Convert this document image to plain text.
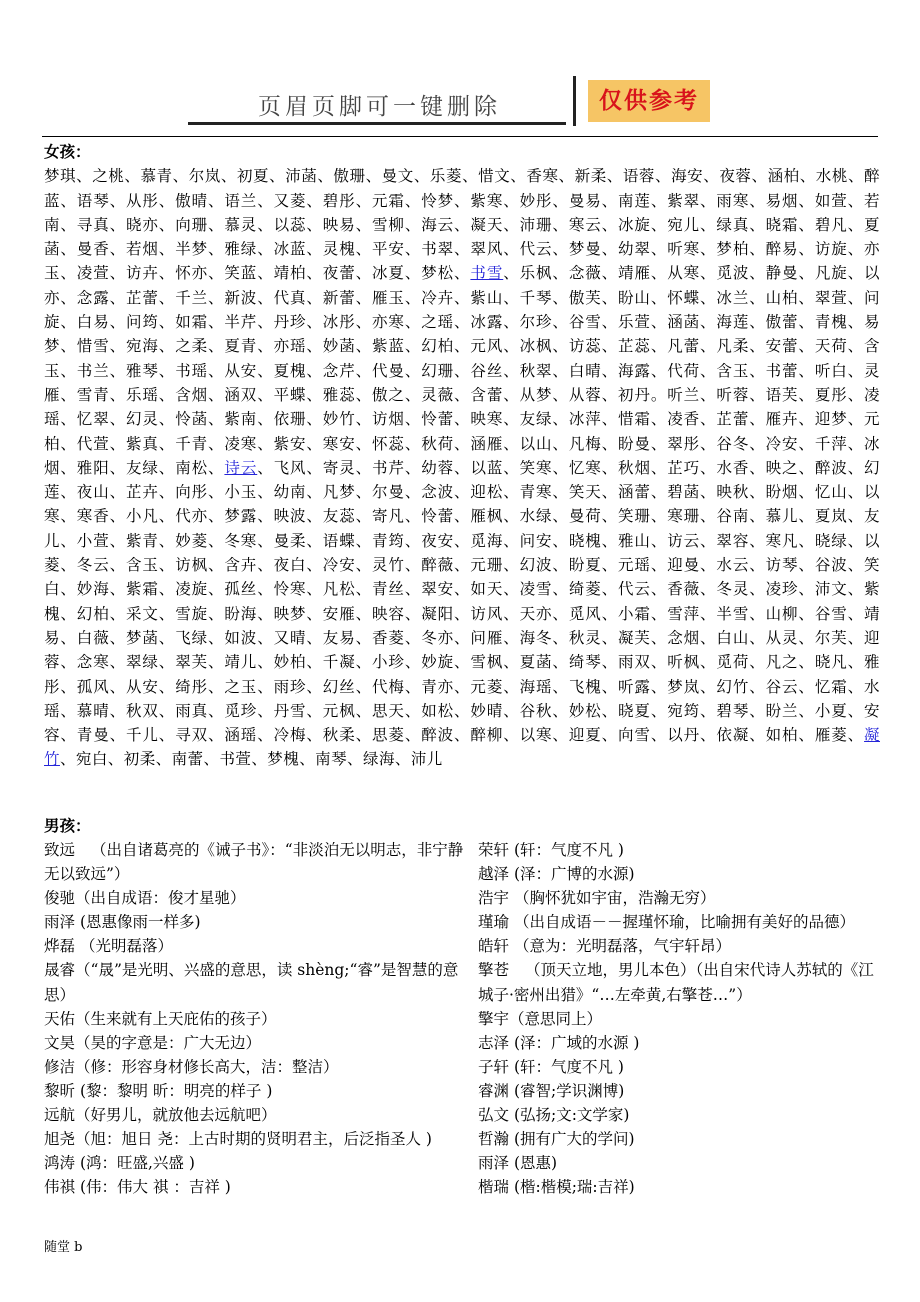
页眉页脚可一键删除	仅供参考
女孩：
梦琪、之桃、慕青、尔岚、初夏、沛菡、傲珊、曼文、乐菱、惜文、香寒、新柔、语蓉、海安、夜蓉、涵柏、水桃、醉蓝、语琴、从彤、傲晴、语兰、又菱、碧彤、元霜、怜梦、紫寒、妙彤、曼易、南莲、紫翠、雨寒、易烟、如萱、若南、寻真、晓亦、向珊、慕灵、以蕊、映易、雪柳、海云、凝天、沛珊、寒云、冰旋、宛儿、绿真、晓霜、碧凡、夏菡、曼香、若烟、半梦、雅绿、冰蓝、灵槐、平安、书翠、翠风、代云、梦曼、幼翠、听寒、梦柏、醉易、访旋、亦玉、凌萱、访卉、怀亦、笑蓝、靖柏、夜蕾、冰夏、梦松、书雪、乐枫、念薇、靖雁、从寒、觅波、静曼、凡旋、以亦、念露、芷蕾、千兰、新波、代真、新蕾、雁玉、冷卉、紫山、千琴、傲芙、盼山、怀蝶、冰兰、山柏、翠萱、问旋、白易、问筠、如霜、半芹、丹珍、冰彤、亦寒、之瑶、冰露、尔珍、谷雪、乐萱、涵菡、海莲、傲蕾、青槐、易梦、惜雪、宛海、之柔、夏青、亦瑶、妙菡、紫蓝、幻柏、元风、冰枫、访蕊、芷蕊、凡蕾、凡柔、安蕾、天荷、含玉、书兰、雅琴、书瑶、从安、夏槐、念芹、代曼、幻珊、谷丝、秋翠、白晴、海露、代荷、含玉、书蕾、听白、灵雁、雪青、乐瑶、含烟、涵双、平蝶、雅蕊、傲之、灵薇、含蕾、从梦、从蓉、初丹。听兰、听蓉、语芙、夏彤、凌瑶、忆翠、幻灵、怜菡、紫南、依珊、妙竹、访烟、怜蕾、映寒、友绿、冰萍、惜霜、凌香、芷蕾、雁卉、迎梦、元柏、代萱、紫真、千青、凌寒、紫安、寒安、怀蕊、秋荷、涵雁、以山、凡梅、盼曼、翠彤、谷冬、冷安、千萍、冰烟、雅阳、友绿、南松、诗云、飞风、寄灵、书芹、幼蓉、以蓝、笑寒、忆寒、秋烟、芷巧、水香、映之、醉波、幻莲、夜山、芷卉、向彤、小玉、幼南、凡梦、尔曼、念波、迎松、青寒、笑天、涵蕾、碧菡、映秋、盼烟、忆山、以寒、寒香、小凡、代亦、梦露、映波、友蕊、寄凡、怜蕾、雁枫、水绿、曼荷、笑珊、寒珊、谷南、慕儿、夏岚、友儿、小萱、紫青、妙菱、冬寒、曼柔、语蝶、青筠、夜安、觅海、问安、晓槐、雅山、访云、翠容、寒凡、晓绿、以菱、冬云、含玉、访枫、含卉、夜白、冷安、灵竹、醉薇、元珊、幻波、盼夏、元瑶、迎曼、水云、访琴、谷波、笑白、妙海、紫霜、凌旋、孤丝、怜寒、凡松、青丝、翠安、如天、凌雪、绮菱、代云、香薇、冬灵、凌珍、沛文、紫槐、幻柏、采文、雪旋、盼海、映梦、安雁、映容、凝阳、访风、天亦、觅风、小霜、雪萍、半雪、山柳、谷雪、靖易、白薇、梦菡、飞绿、如波、又晴、友易、香菱、冬亦、问雁、海冬、秋灵、凝芙、念烟、白山、从灵、尔芙、迎蓉、念寒、翠绿、翠芙、靖儿、妙柏、千凝、小珍、妙旋、雪枫、夏菡、绮琴、雨双、听枫、觅荷、凡之、晓凡、雅彤、孤风、从安、绮彤、之玉、雨珍、幻丝、代梅、青亦、元菱、海瑶、飞槐、听露、梦岚、幻竹、谷云、忆霜、水瑶、慕晴、秋双、雨真、觅珍、丹雪、元枫、思天、如松、妙晴、谷秋、妙松、晓夏、宛筠、碧琴、盼兰、小夏、安容、青曼、千儿、寻双、涵瑶、冷梅、秋柔、思菱、醉波、醉柳、以寒、迎夏、向雪、以丹、依凝、如柏、雁菱、凝竹、宛白、初柔、南蕾、书萱、梦槐、南琴、绿海、沛儿
男孩：
致远 （出自诸葛亮的《诫子书》：“非淡泊无以明志，非宁静无以致远”）
俊驰（出自成语：俊才星驰）
雨泽 (恩惠像雨一样多)
烨磊 （光明磊落）
晟睿（“晟”是光明、兴盛的意思，读 shèng;“睿”是智慧的意思）
天佑（生来就有上天庇佑的孩子）
文昊（昊的字意是：广大无边）
修洁（修：形容身材修长高大，洁：整洁）
黎昕 (黎：黎明 昕：明亮的样子 )
远航（好男儿，就放他去远航吧）
旭尧（旭：旭日 尧：上古时期的贤明君主，后泛指圣人 )
鸿涛 (鸿：旺盛,兴盛 )
伟祺 (伟：伟大 祺 ：吉祥 )
荣轩 (轩：气度不凡 )
越泽 (泽：广博的水源)
浩宇 （胸怀犹如宇宙，浩瀚无穷）
瑾瑜 （出自成语－－握瑾怀瑜，比喻拥有美好的品德）
皓轩 （意为：光明磊落，气宇轩昂）
擎苍 （顶天立地，男儿本色）（出自宋代诗人苏轼的《江城子·密州出猎》“…左牵黄,右擎苍…”）
擎宇（意思同上）
志泽 (泽：广域的水源 )
子轩 (轩：气度不凡 )
睿渊 (睿智;学识渊博)
弘文 (弘扬;文:文学家)
哲瀚 (拥有广大的学问)
雨泽 (恩惠)
楷瑞 (楷:楷模;瑞:吉祥)
随堂 b
